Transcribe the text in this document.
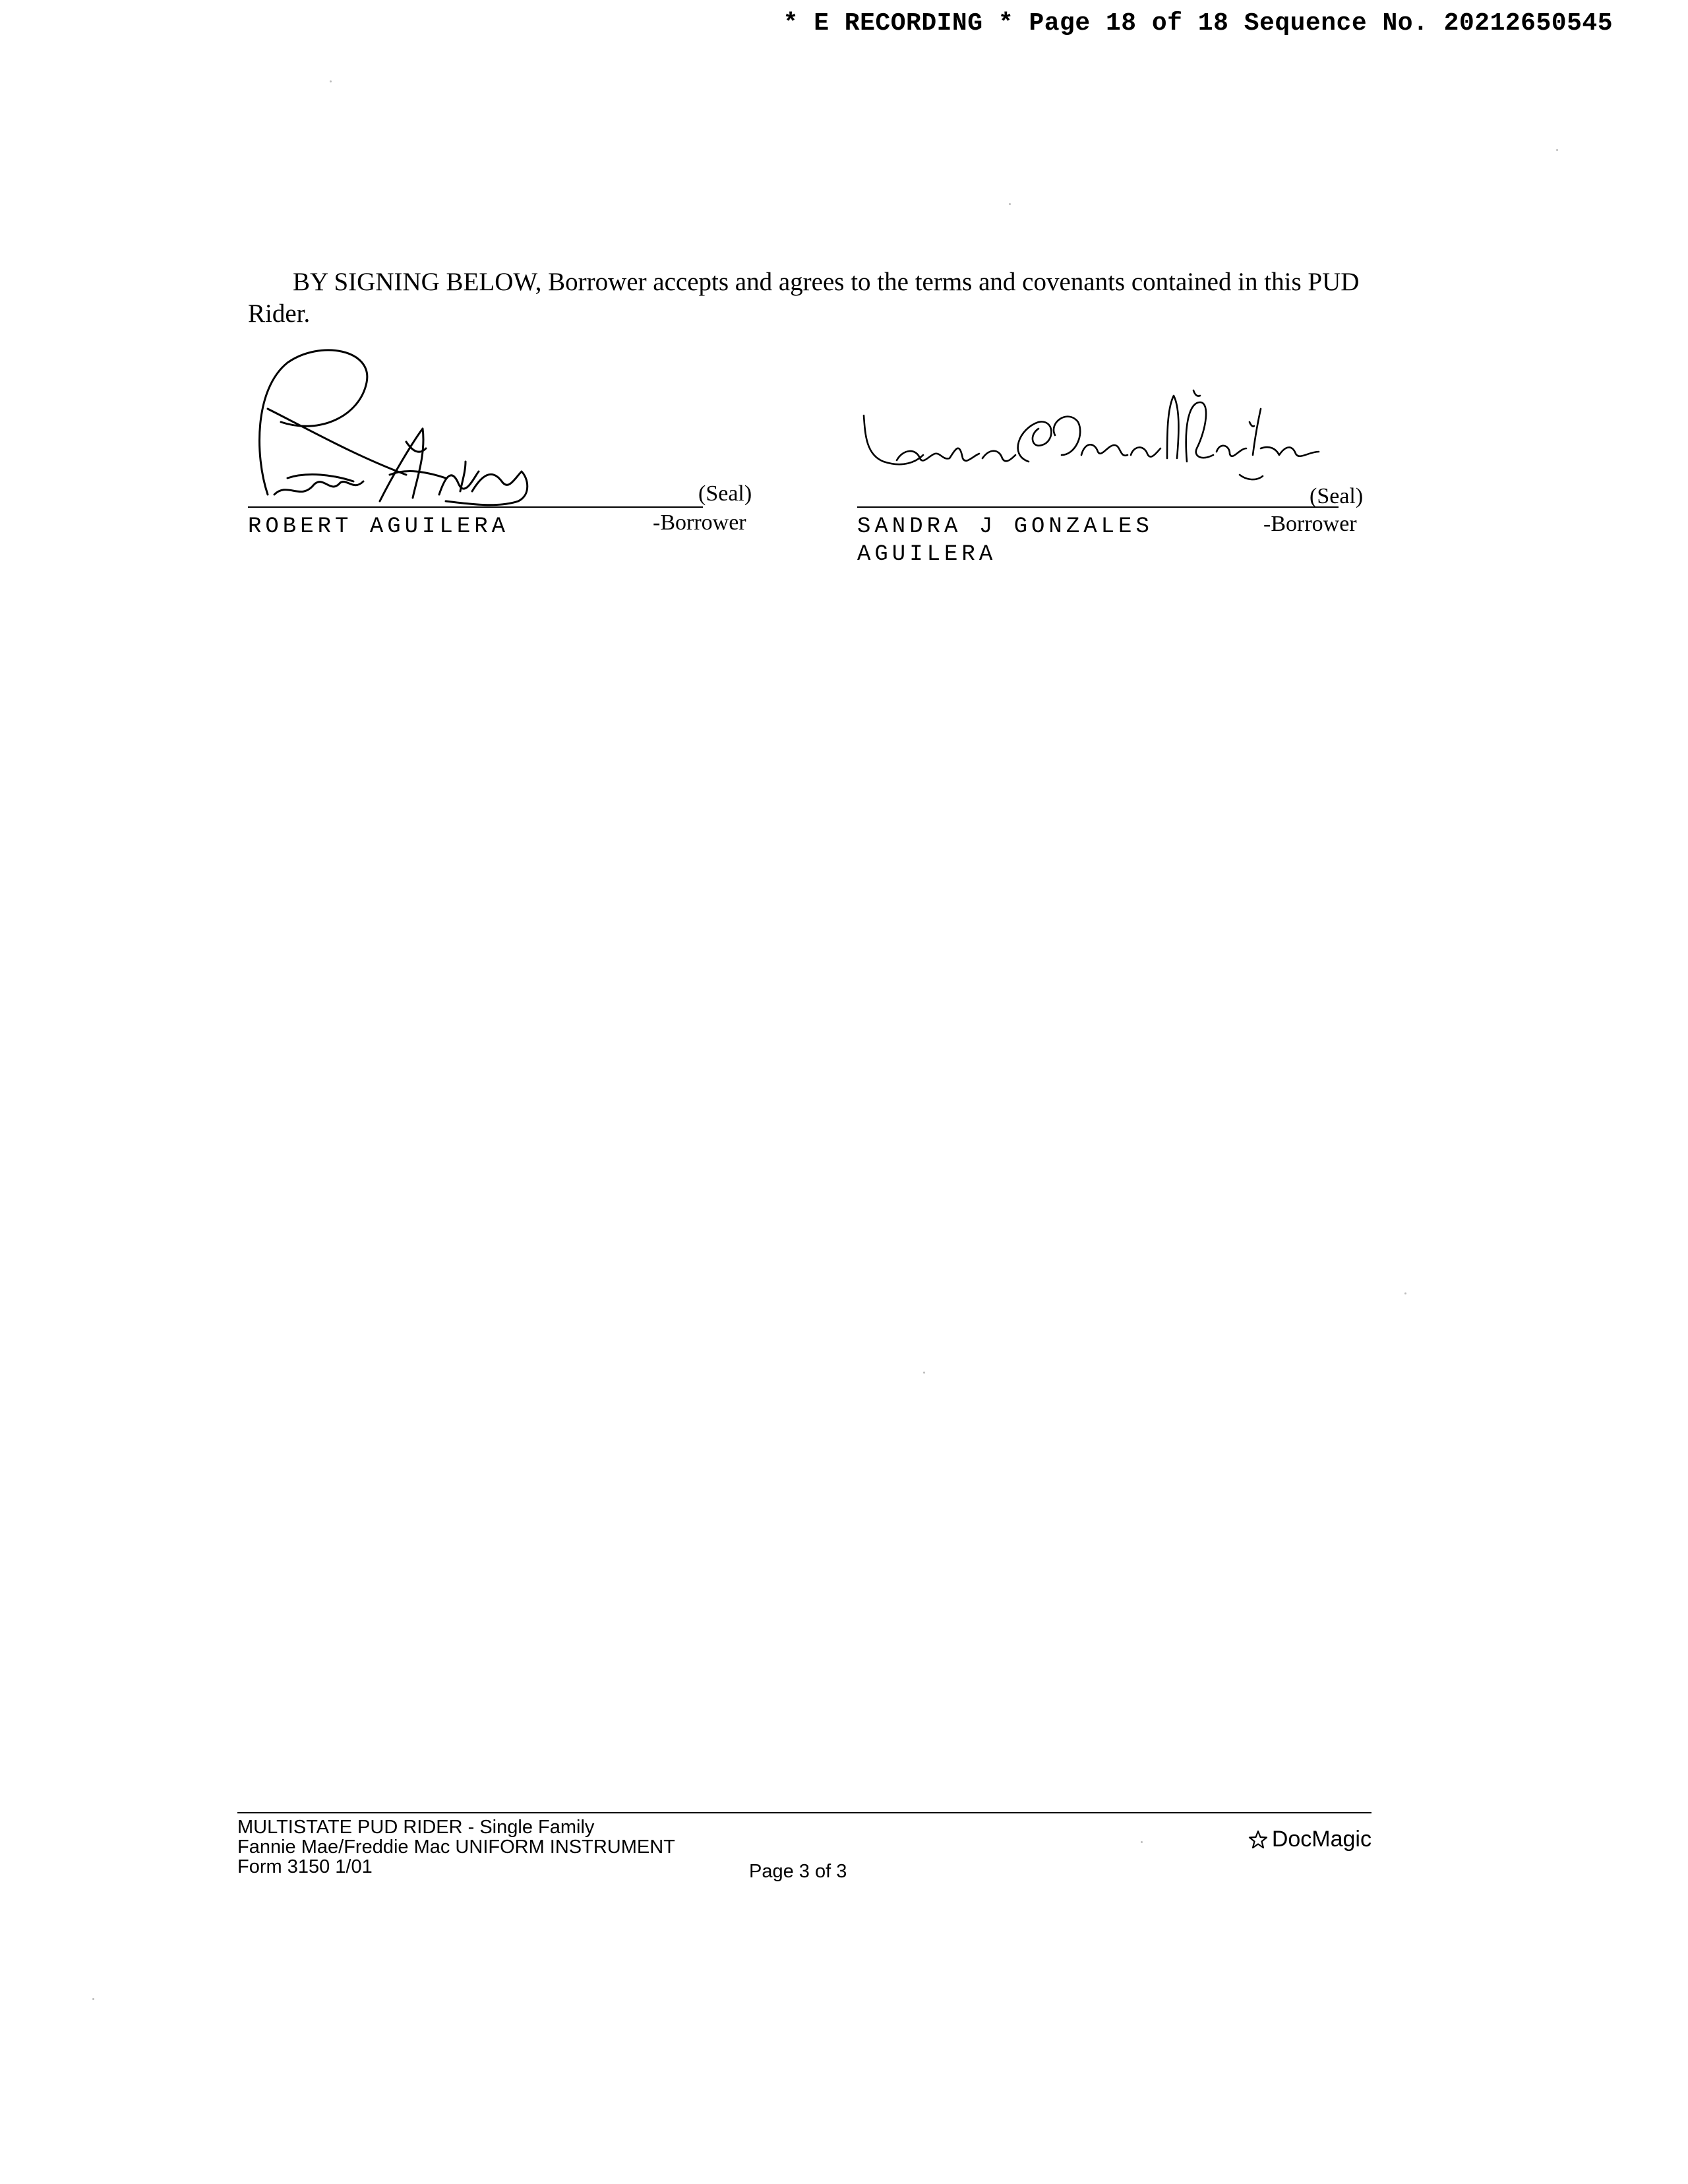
* E RECORDING * Page 18 of 18 Sequence No. 20212650545
BY SIGNING BELOW, Borrower accepts and agrees to the terms and covenants contained in this PUD Rider.
(Seal)
ROBERT AGUILERA	-Borrower
(Seal)
SANDRA J GONZALES
AGUILERA
-Borrower
MULTISTATE PUD RIDER - Single Family
Fannie Mae/Freddie Mac UNIFORM INSTRUMENT
Form 3150 1/01	Page 3 of 3
DocMagic
